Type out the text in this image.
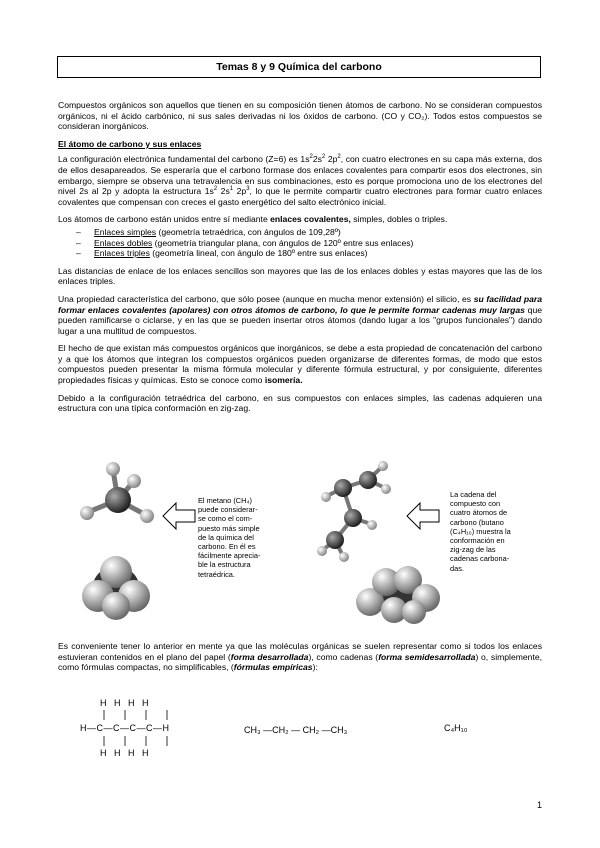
Temas 8 y 9 Química del carbono

Compuestos orgánicos son aquellos que tienen en su composición tienen átomos de carbono. No se consideran compuestos orgánicos, ni el ácido carbónico, ni sus sales derivadas ni los óxidos de carbono. (CO y CO₂). Todos estos compuestos se consideran inorgánicos.

El átomo de carbono y sus enlaces

La configuración electrónica fundamental del carbono (Z=6) es $1s^22s^2$ $2p^2$, con cuatro electrones en su capa más externa, dos de ellos desapareados. Se esperaría que el carbono formase dos enlaces covalentes para compartir esos dos electrones, sin embargo, siempre se observa una tetravalencia en sus combinaciones, esto es porque promociona uno de los electrones del nivel 2s al 2p y adopta la estructura $1s^2$ $2s^1$ $2p^3$, lo que le permite compartir cuatro electrones para formar cuatro enlaces covalentes que compensan con creces el gasto energético del salto electrónico inicial.

Los átomos de carbono están unidos entre sí mediante enlaces covalentes, simples, dobles o triples.

– Enlaces simples (geometría tetraédrica, con ángulos de 109,28º)
– Enlaces dobles (geometría triangular plana, con ángulos de 120º entre sus enlaces)
– Enlaces triples (geometría lineal, con ángulo de 180º entre sus enlaces)

Las distancias de enlace de los enlaces sencillos son mayores que las de los enlaces dobles y estas mayores que las de los enlaces triples.

Una propiedad característica del carbono, que sólo posee (aunque en mucha menor extensión) el silicio, es su facilidad para formar enlaces covalentes (apolares) con otros átomos de carbono, lo que le permite formar cadenas muy largas que pueden ramificarse o ciclarse, y en las que se pueden insertar otros átomos (dando lugar a los "grupos funcionales") dando lugar a una multitud de compuestos.

El hecho de que existan más compuestos orgánicos que inorgánicos, se debe a esta propiedad de concatenación del carbono y a que los átomos que integran los compuestos orgánicos pueden organizarse de diferentes formas, de modo que estos compuestos pueden presentar la misma fórmula molecular y diferente fórmula estructural, y por consiguiente, diferentes propiedades físicas y químicas. Esto se conoce como isomería.

Debido a la configuración tetraédrica del carbono, en sus compuestos con enlaces simples, las cadenas adquieren una estructura con una típica conformación en zig-zag.

El metano (CH₄)
puede considerar-
se como el com-
puesto más simple
de la química del
carbono. En él es
fácilmente aprecia-
ble la estructura
tetraédrica.
La cadena del
compuesto con
cuatro átomos de
carbono (butano
(C₄H₁₀) muestra la
conformación en
zig-zag de las
cadenas carbona-
das.

Es conveniente tener lo anterior en mente ya que las moléculas orgánicas se suelen representar como si todos los enlaces estuvieran contenidos en el plano del papel (forma desarrollada), como cadenas (forma semidesarrollada) o, simplemente, como fórmulas compactas, no simplificables, (fórmulas empíricas):

H   H   H   H
H—C—C—C—C—H
H   H   H   H
CH₃ —CH₂ — CH₂ —CH₃	C₄H₁₀
1
